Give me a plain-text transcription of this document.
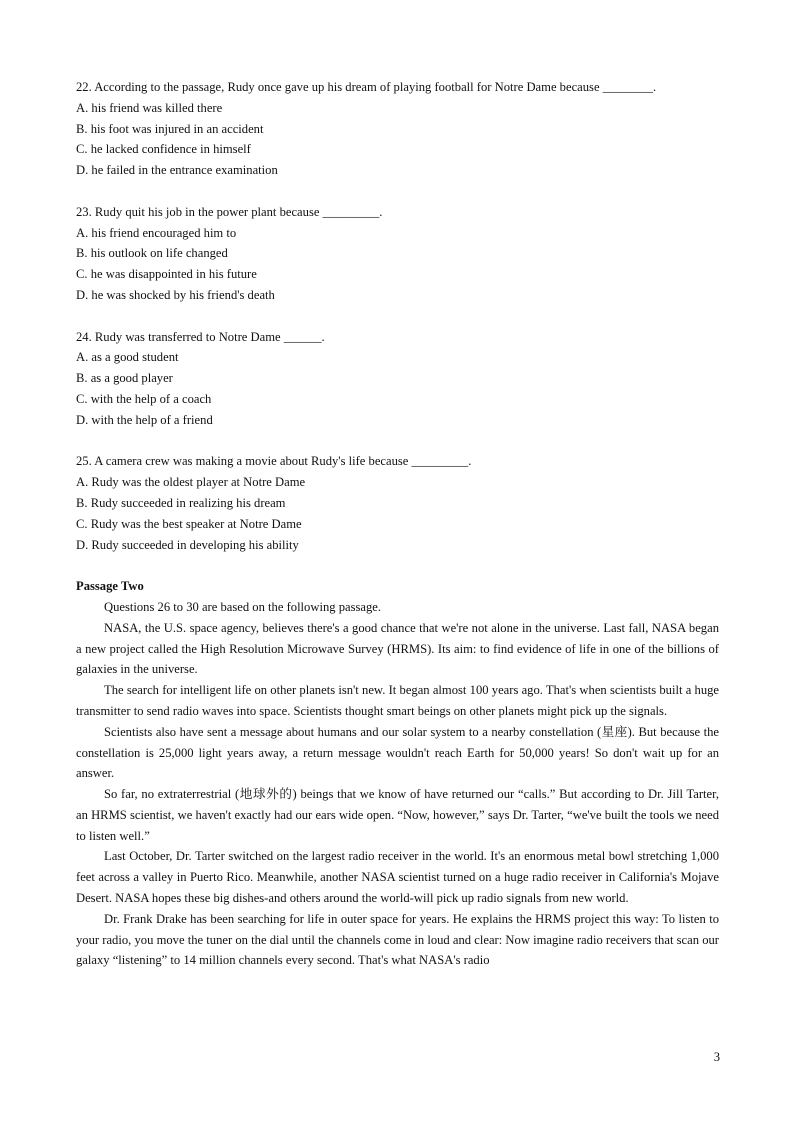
22. According to the passage, Rudy once gave up his dream of playing football for Notre Dame because ________.

A. his friend was killed there

B. his foot was injured in an accident

C. he lacked confidence in himself

D. he failed in the entrance examination

23. Rudy quit his job in the power plant because _________.

A. his friend encouraged him to

B. his outlook on life changed

C. he was disappointed in his future

D. he was shocked by his friend's death

24. Rudy was transferred to Notre Dame ______.

A. as a good student

B. as a good player

C. with the help of a coach

D. with the help of a friend

25. A camera crew was making a movie about Rudy's life because _________.

A. Rudy was the oldest player at Notre Dame

B. Rudy succeeded in realizing his dream

C. Rudy was the best speaker at Notre Dame

D. Rudy succeeded in developing his ability

Passage Two

Questions 26 to 30 are based on the following passage.

NASA, the U.S. space agency, believes there's a good chance that we're not alone in the universe. Last fall, NASA began a new project called the High Resolution Microwave Survey (HRMS). Its aim: to find evidence of life in one of the billions of galaxies in the universe.

The search for intelligent life on other planets isn't new. It began almost 100 years ago. That's when scientists built a huge transmitter to send radio waves into space. Scientists thought smart beings on other planets might pick up the signals.

Scientists also have sent a message about humans and our solar system to a nearby constellation (星座). But because the constellation is 25,000 light years away, a return message wouldn't reach Earth for 50,000 years! So don't wait up for an answer.

So far, no extraterrestrial (地球外的) beings that we know of have returned our “calls.” But according to Dr. Jill Tarter, an HRMS scientist, we haven't exactly had our ears wide open. “Now, however,” says Dr. Tarter, “we've built the tools we need to listen well.”

Last October, Dr. Tarter switched on the largest radio receiver in the world. It's an enormous metal bowl stretching 1,000 feet across a valley in Puerto Rico. Meanwhile, another NASA scientist turned on a huge radio receiver in California's Mojave Desert. NASA hopes these big dishes-and others around the world-will pick up radio signals from new world.

Dr. Frank Drake has been searching for life in outer space for years. He explains the HRMS project this way: To listen to your radio, you move the tuner on the dial until the channels come in loud and clear: Now imagine radio receivers that scan our galaxy “listening” to 14 million channels every second. That's what NASA's radio

3
